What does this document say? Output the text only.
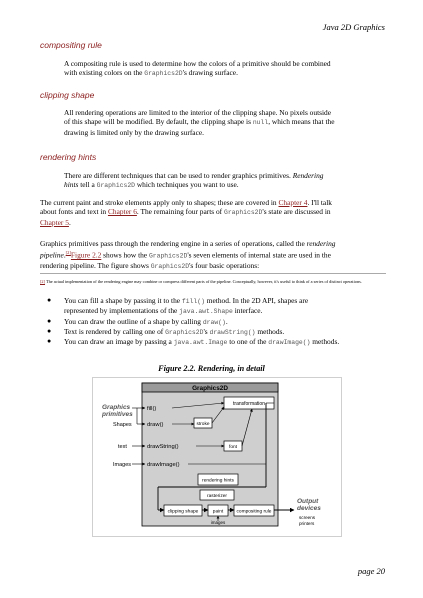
Java 2D Graphics
compositing rule

A compositing rule is used to determine how the colors of a primitive should be combined
with existing colors on the Graphics2D's drawing surface.

clipping shape

All rendering operations are limited to the interior of the clipping shape. No pixels outside
of this shape will be modified. By default, the clipping shape is null, which means that the
drawing is limited only by the drawing surface.

rendering hints

There are different techniques that can be used to render graphics primitives. Rendering
hints tell a Graphics2D which techniques you want to use.

The current paint and stroke elements apply only to shapes; these are covered in Chapter 4. I'll talk
about fonts and text in Chapter 6. The remaining four parts of Graphics2D's state are discussed in
Chapter 5.

Graphics primitives pass through the rendering engine in a series of operations, called the rendering
pipeline.[2]Figure 2.2 shows how the Graphics2D's seven elements of internal state are used in the
rendering pipeline. The figure shows Graphics2D's four basic operations:

[2] The actual implementation of the rendering engine may combine or compress different parts of the pipeline. Conceptually, however, it's useful to think of a series of distinct operations.
● You can fill a shape by passing it to the fill() method. In the 2D API, shapes are
represented by implementations of the java.awt.Shape interface.
● You can draw the outline of a shape by calling draw().
● Text is rendered by calling one of Graphics2D's drawString() methods.
● You can draw an image by passing a java.awt.Image to one of the drawImage() methods.
Figure 2.2. Rendering, in detail
Graphics2D
Graphics
primitives
Shapes
text
Images
fill()
draw()
drawString()
drawImage()
transformation
stroke
font
rendering hints
rasterizer
clipping shape	paint	compositing rule
images
Output
devices
screens
printers
page 20
